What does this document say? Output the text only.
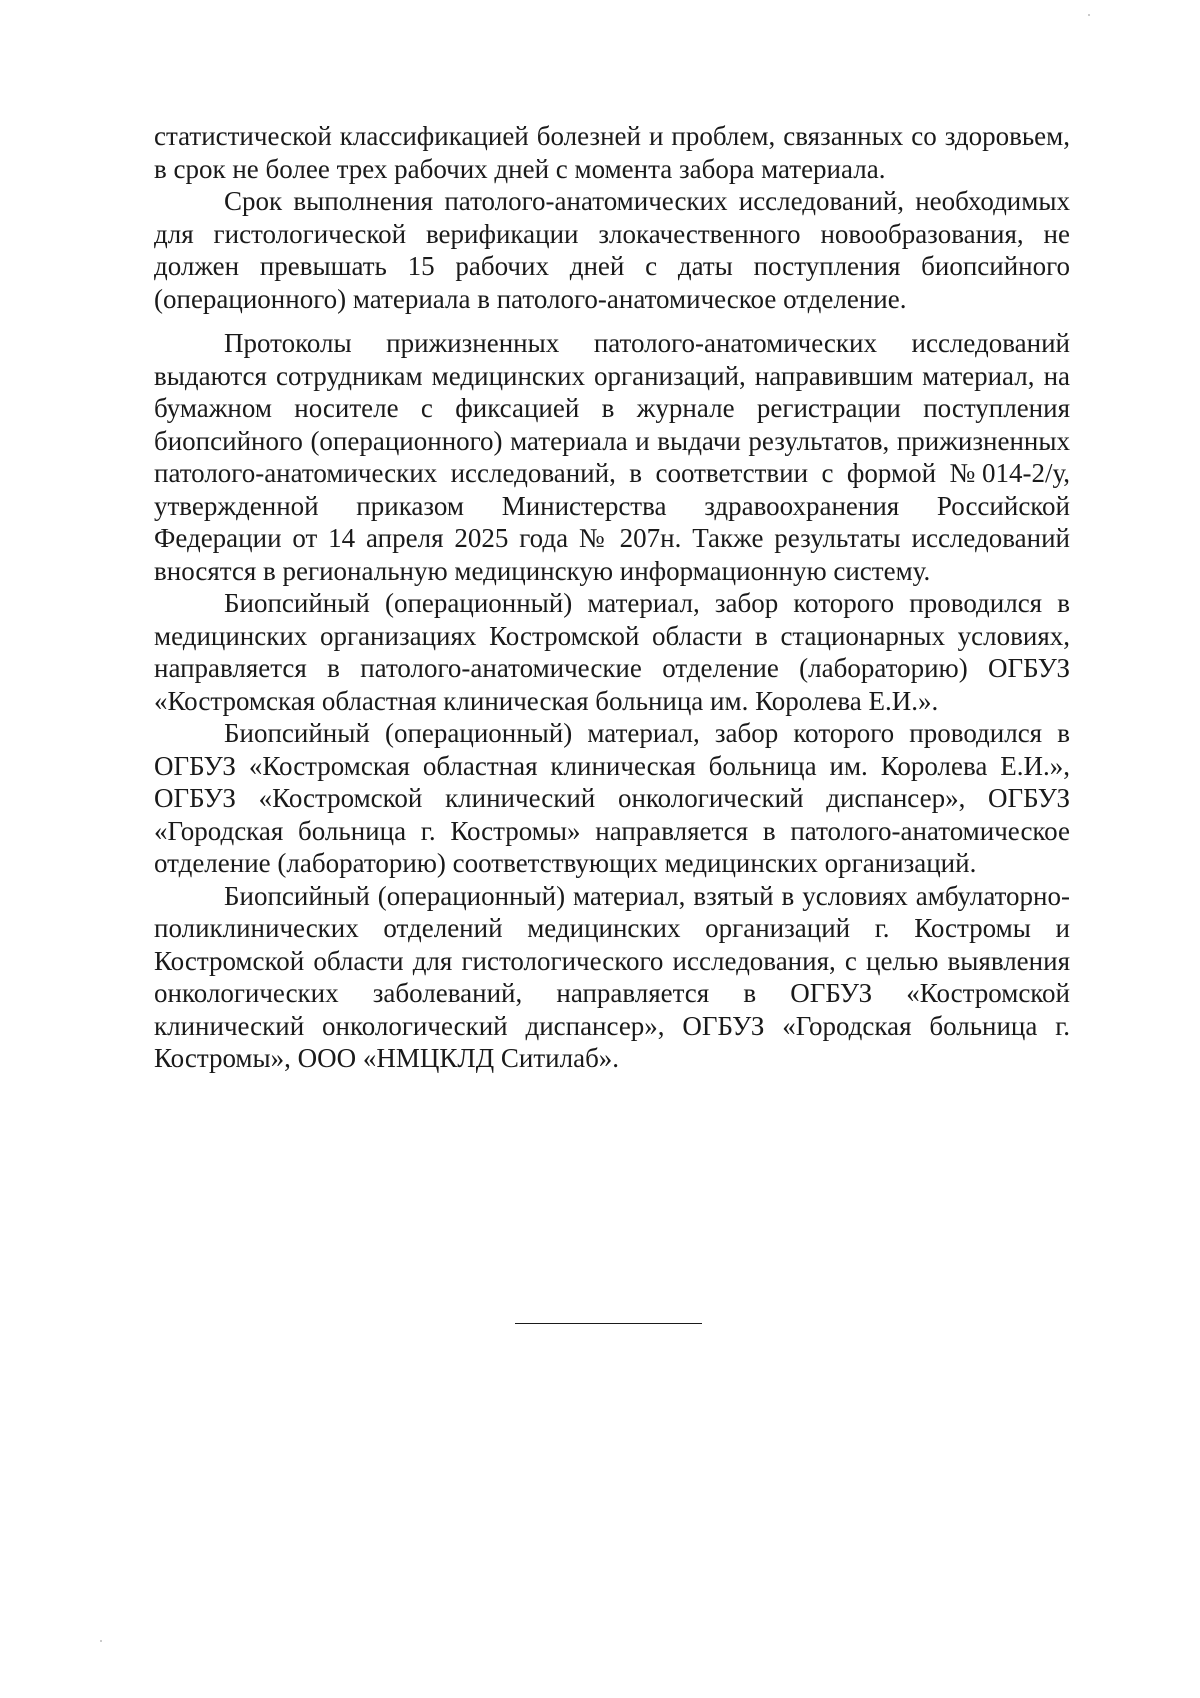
статистической классификацией болезней и проблем, связанных со здоровьем, в срок не более трех рабочих дней с момента забора материала.

Срок выполнения патолого-анатомических исследований, необходимых для гистологической верификации злокачественного новообразования, не должен превышать 15 рабочих дней с даты поступления биопсийного (операционного) материала в патолого-анатомическое отделение.

Протоколы прижизненных патолого-анатомических исследований выдаются сотрудникам медицинских организаций, направившим материал, на бумажном носителе с фиксацией в журнале регистрации поступления биопсийного (операционного) материала и выдачи результатов, прижизненных патолого-анатомических исследований, в соответствии с формой №014-2/у, утвержденной приказом Министерства здравоохранения Российской Федерации от 14 апреля 2025 года № 207н. Также результаты исследований вносятся в региональную медицинскую информационную систему.

Биопсийный (операционный) материал, забор которого проводился в медицинских организациях Костромской области в стационарных условиях, направляется в патолого-анатомические отделение (лабораторию) ОГБУЗ «Костромская областная клиническая больница им. Королева Е.И.».

Биопсийный (операционный) материал, забор которого проводился в ОГБУЗ «Костромская областная клиническая больница им. Королева Е.И.», ОГБУЗ «Костромской клинический онкологический диспансер», ОГБУЗ «Городская больница г. Костромы» направляется в патолого-анатомическое отделение (лабораторию) соответствующих медицинских организаций.

Биопсийный (операционный) материал, взятый в условиях амбулаторно-поликлинических отделений медицинских организаций г. Костромы и Костромской области для гистологического исследования, с целью выявления онкологических заболеваний, направляется в ОГБУЗ «Костромской клинический онкологический диспансер», ОГБУЗ «Городская больница г. Костромы», ООО «НМЦКЛД Ситилаб».
